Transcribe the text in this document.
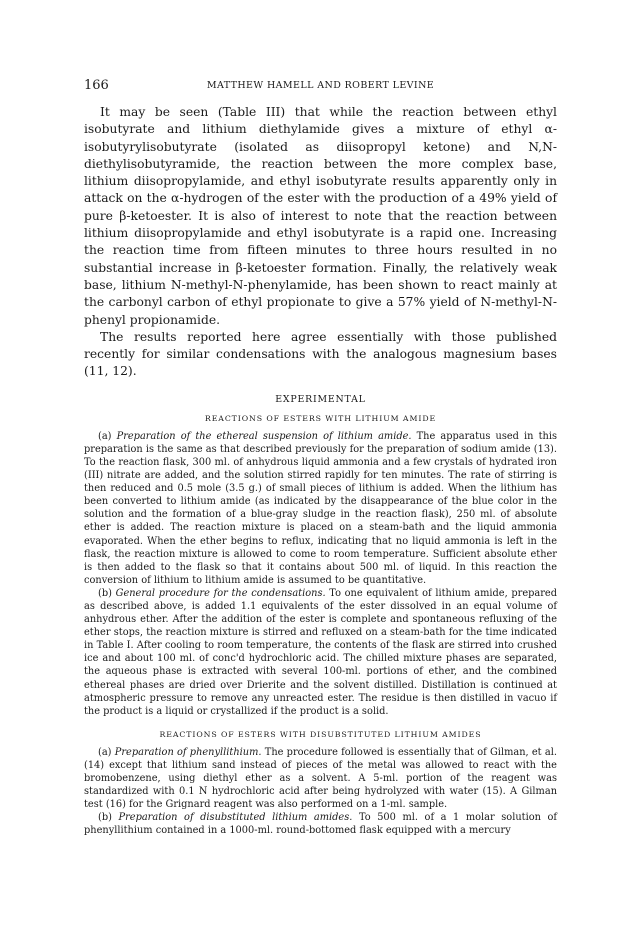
166	MATTHEW HAMELL AND ROBERT LEVINE

It may be seen (Table III) that while the reaction between ethyl isobutyrate and lithium diethylamide gives a mixture of ethyl α-isobutyrylisobutyrate (isolated as diisopropyl ketone) and N,N-diethylisobutyramide, the reaction between the more complex base, lithium diisopropylamide, and ethyl isobutyrate results apparently only in attack on the α-hydrogen of the ester with the production of a 49% yield of pure β-ketoester. It is also of interest to note that the reaction between lithium diisopropylamide and ethyl isobutyrate is a rapid one. Increasing the reaction time from fifteen minutes to three hours resulted in no substantial increase in β-ketoester formation. Finally, the relatively weak base, lithium N-methyl-N-phenylamide, has been shown to react mainly at the carbonyl carbon of ethyl propionate to give a 57% yield of N-methyl-N-phenyl propionamide.

The results reported here agree essentially with those published recently for similar condensations with the analogous magnesium bases (11, 12).

EXPERIMENTAL
REACTIONS OF ESTERS WITH LITHIUM AMIDE

(a) Preparation of the ethereal suspension of lithium amide. The apparatus used in this preparation is the same as that described previously for the preparation of sodium amide (13). To the reaction flask, 300 ml. of anhydrous liquid ammonia and a few crystals of hydrated iron (III) nitrate are added, and the solution stirred rapidly for ten minutes. The rate of stirring is then reduced and 0.5 mole (3.5 g.) of small pieces of lithium is added. When the lithium has been converted to lithium amide (as indicated by the disappearance of the blue color in the solution and the formation of a blue-gray sludge in the reaction flask), 250 ml. of absolute ether is added. The reaction mixture is placed on a steam-bath and the liquid ammonia evaporated. When the ether begins to reflux, indicating that no liquid ammonia is left in the flask, the reaction mixture is allowed to come to room temperature. Sufficient absolute ether is then added to the flask so that it contains about 500 ml. of liquid. In this reaction the conversion of lithium to lithium amide is assumed to be quantitative.

(b) General procedure for the condensations. To one equivalent of lithium amide, prepared as described above, is added 1.1 equivalents of the ester dissolved in an equal volume of anhydrous ether. After the addition of the ester is complete and spontaneous refluxing of the ether stops, the reaction mixture is stirred and refluxed on a steam-bath for the time indicated in Table I. After cooling to room temperature, the contents of the flask are stirred into crushed ice and about 100 ml. of conc'd hydrochloric acid. The chilled mixture phases are separated, the aqueous phase is extracted with several 100-ml. portions of ether, and the combined ethereal phases are dried over Drierite and the solvent distilled. Distillation is continued at atmospheric pressure to remove any unreacted ester. The residue is then distilled in vacuo if the product is a liquid or crystallized if the product is a solid.

REACTIONS OF ESTERS WITH DISUBSTITUTED LITHIUM AMIDES

(a) Preparation of phenyllithium. The procedure followed is essentially that of Gilman, et al. (14) except that lithium sand instead of pieces of the metal was allowed to react with the bromobenzene, using diethyl ether as a solvent. A 5-ml. portion of the reagent was standardized with 0.1 N hydrochloric acid after being hydrolyzed with water (15). A Gilman test (16) for the Grignard reagent was also performed on a 1-ml. sample.

(b) Preparation of disubstituted lithium amides. To 500 ml. of a 1 molar solution of phenyllithium contained in a 1000-ml. round-bottomed flask equipped with a mercury
